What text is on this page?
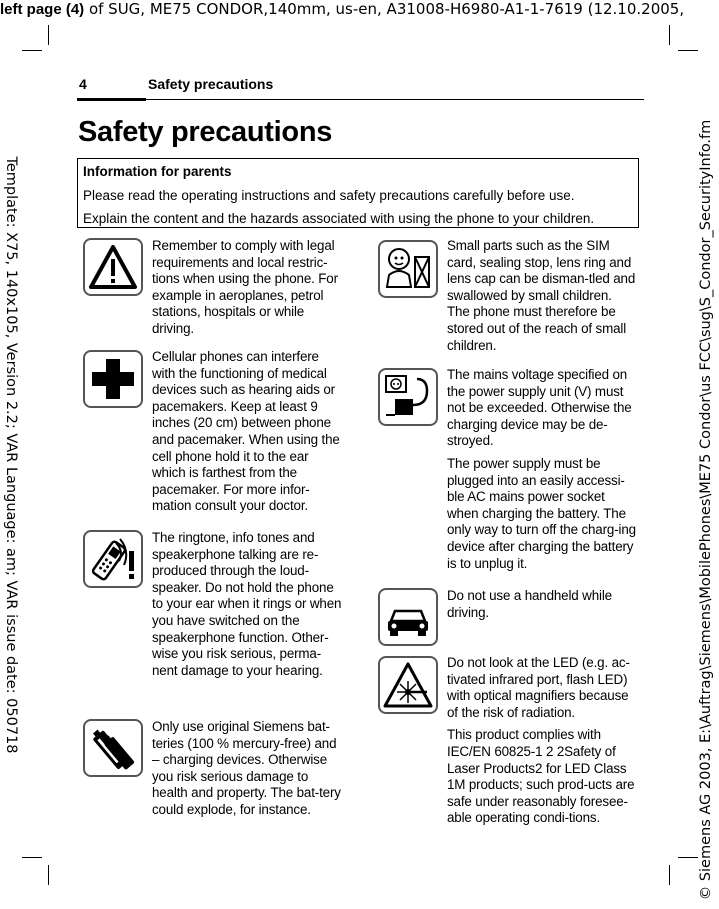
left page (4) of SUG, ME75 CONDOR,140mm, us-en, A31008-H6980-A1-1-7619 (12.10.2005,
Template: X75, 140x105, Version 2.2; VAR Language: am; VAR issue date: 050718	© Siemens AG 2003, E:\Auftrag\Siemens\MobilePhones\ME75 Condor\us FCC\sug\S_Condor_SecurityInfo.fm
4	Safety precautions
Safety precautions
Information for parents
Please read the operating instructions and safety precautions carefully before use.
Explain the content and the hazards associated with using the phone to your children.
Remember to comply with legal requirements and local restric-tions when using the phone. For example in aeroplanes, petrol stations, hospitals or while driving.
Cellular phones can interfere with the functioning of medical devices such as hearing aids or pacemakers. Keep at least 9 inches (20 cm) between phone and pacemaker. When using the cell phone hold it to the ear which is farthest from the pacemaker. For more infor-mation consult your doctor.
The ringtone, info tones and speakerphone talking are re-produced through the loud-speaker. Do not hold the phone to your ear when it rings or when you have switched on the speakerphone function. Other-wise you risk serious, perma-nent damage to your hearing.
Only use original Siemens bat-teries (100 % mercury-free) and – charging devices. Otherwise you risk serious damage to health and property. The bat-tery could explode, for instance.
Small parts such as the SIM card, sealing stop, lens ring and lens cap can be disman-tled and swallowed by small children. The phone must therefore be stored out of the reach of small children.

The mains voltage specified on the power supply unit (V) must not be exceeded. Otherwise the charging device may be de-stroyed.

The power supply must be plugged into an easily accessi-ble AC mains power socket when charging the battery. The only way to turn off the charg-ing device after charging the battery is to unplug it.

Do not use a handheld while driving.

Do not look at the LED (e.g. ac-tivated infrared port, flash LED) with optical magnifiers because of the risk of radiation.

This product complies with IEC/EN 60825-1 2 2Safety of Laser Products2 for LED Class 1M products; such prod-ucts are safe under reasonably foresee-able operating condi-tions.
